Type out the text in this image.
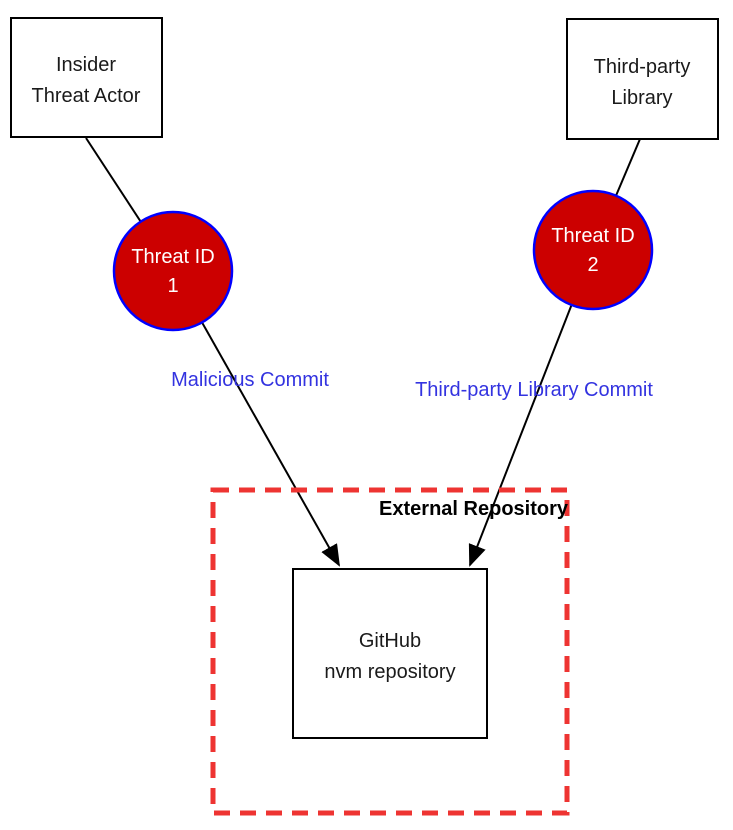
External Repository
Insider
Threat Actor
Third-party
Library
GitHub
nvm repository
Threat ID
1
Threat ID
2
Malicious Commit	Third-party Library Commit
